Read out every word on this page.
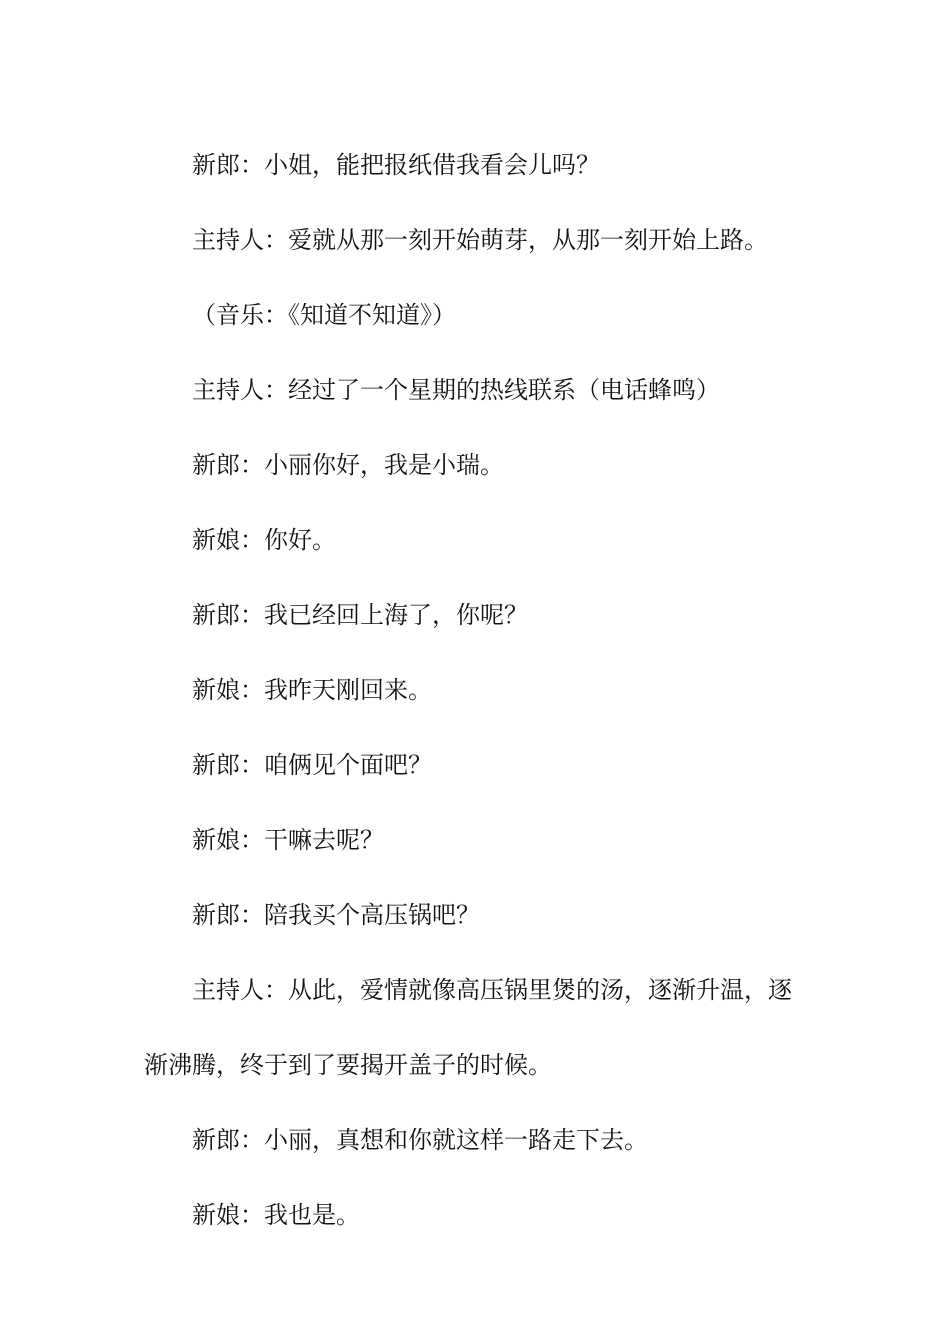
新郎：小姐，能把报纸借我看会儿吗？

主持人：爱就从那一刻开始萌芽，从那一刻开始上路。

（音乐：《知道不知道》）

主持人：经过了一个星期的热线联系（电话蜂鸣）

新郎：小丽你好，我是小瑞。

新娘：你好。

新郎：我已经回上海了，你呢？

新娘：我昨天刚回来。

新郎：咱俩见个面吧？

新娘：干嘛去呢？

新郎：陪我买个高压锅吧？

主持人：从此，爱情就像高压锅里煲的汤，逐渐升温，逐渐沸腾，终于到了要揭开盖子的时候。

新郎：小丽，真想和你就这样一路走下去。

新娘：我也是。
